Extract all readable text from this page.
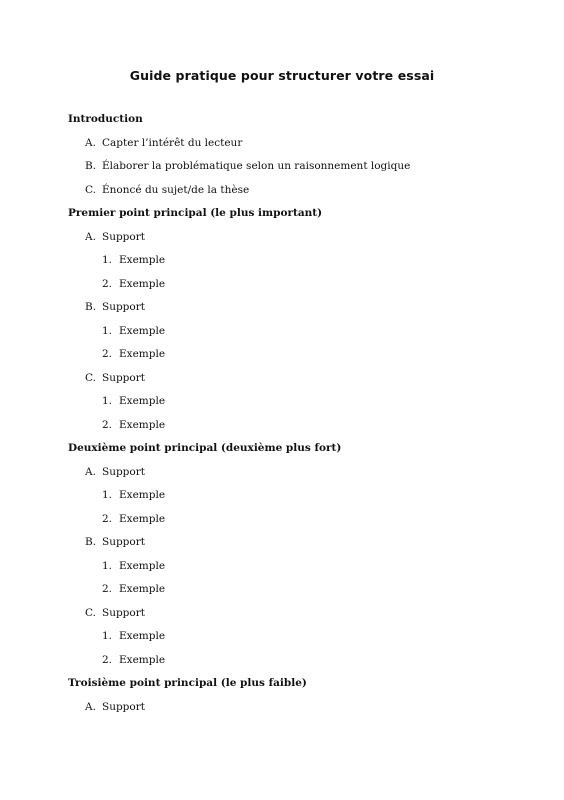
Guide pratique pour structurer votre essai
Introduction
A. Capter l’intérêt du lecteur
B. Élaborer la problématique selon un raisonnement logique
C. Énoncé du sujet/de la thèse
Premier point principal (le plus important)
A. Support
1. Exemple
2. Exemple
B. Support
1. Exemple
2. Exemple
C. Support
1. Exemple
2. Exemple
Deuxième point principal (deuxième plus fort)
A. Support
1. Exemple
2. Exemple
B. Support
1. Exemple
2. Exemple
C. Support
1. Exemple
2. Exemple
Troisième point principal (le plus faible)
A. Support
